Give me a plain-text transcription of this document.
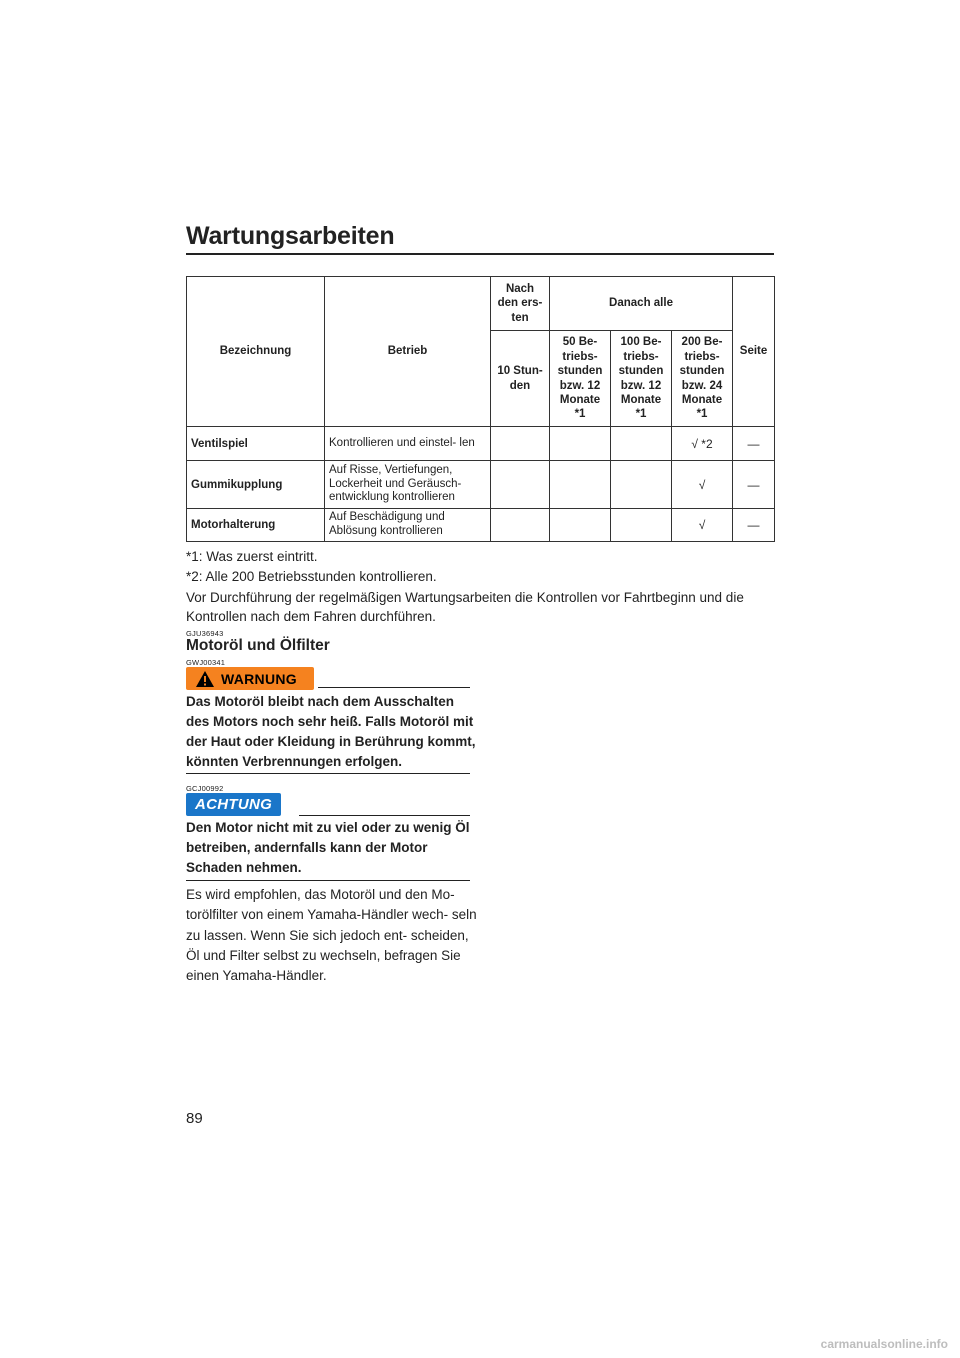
Wartungsarbeiten
Bezeichnung	Betrieb	Nach den ers- ten	Danach alle			Seite
		10 Stun- den	50 Be- triebs- stunden bzw. 12 Monate *1	100 Be- triebs- stunden bzw. 12 Monate *1	200 Be- triebs- stunden bzw. 24 Monate *1	
Ventilspiel	Kontrollieren und einstel- len				√ *2	—
Gummikupplung	Auf Risse, Vertiefungen, Lockerheit und Geräusch- entwicklung kontrollieren				√	—
Motorhalterung	Auf Beschädigung und Ablösung kontrollieren				√	—
*1: Was zuerst eintritt.
*2: Alle 200 Betriebsstunden kontrollieren.
Vor Durchführung der regelmäßigen Wartungsarbeiten die Kontrollen vor Fahrtbeginn und die Kontrollen nach dem Fahren durchführen.
GJU36943
Motoröl und Ölfilter
GWJ00341
WARNUNG
Das Motoröl bleibt nach dem Ausschalten des Motors noch sehr heiß. Falls Motoröl mit der Haut oder Kleidung in Berührung kommt, könnten Verbrennungen erfolgen.
GCJ00992
ACHTUNG
Den Motor nicht mit zu viel oder zu wenig Öl betreiben, andernfalls kann der Motor Schaden nehmen.
Es wird empfohlen, das Motoröl und den Mo- torölfilter von einem Yamaha-Händler wech- seln zu lassen. Wenn Sie sich jedoch ent- scheiden, Öl und Filter selbst zu wechseln, befragen Sie einen Yamaha-Händler.
89
carmanualsonline.info
